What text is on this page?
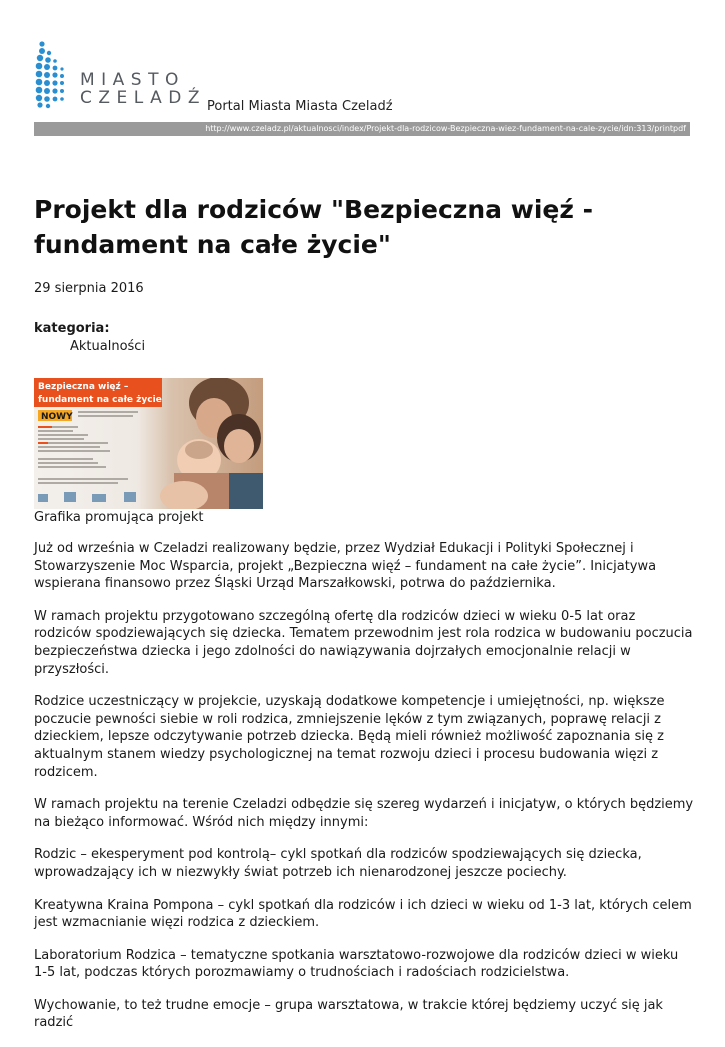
MIASTO
CZELADŹ Portal Miasta Miasta Czeladź
http://www.czeladz.pl/aktualnosci/index/Projekt-dla-rodzicow-Bezpieczna-wiez-fundament-na-cale-zycie/idn:313/printpdf
Projekt dla rodziców "Bezpieczna więź - fundament na całe życie"
29 sierpnia 2016
kategoria:
Aktualności
Bezpieczna więź –
fundament na całe życie
NOWY
Grafika promująca projekt

Już od września w Czeladzi realizowany będzie, przez Wydział Edukacji i Polityki Społecznej i Stowarzyszenie Moc Wsparcia, projekt „Bezpieczna więź – fundament na całe życie”. Inicjatywa wspierana finansowo przez Śląski Urząd Marszałkowski, potrwa do października.

W ramach projektu przygotowano szczególną ofertę dla rodziców dzieci w wieku 0-5 lat oraz rodziców spodziewających się dziecka. Tematem przewodnim jest rola rodzica w budowaniu poczucia bezpieczeństwa dziecka i jego zdolności do nawiązywania dojrzałych emocjonalnie relacji w przyszłości.

Rodzice uczestniczący w projekcie, uzyskają dodatkowe kompetencje i umiejętności, np. większe poczucie pewności siebie w roli rodzica, zmniejszenie lęków z tym związanych, poprawę relacji z dzieckiem, lepsze odczytywanie potrzeb dziecka. Będą mieli również możliwość zapoznania się z aktualnym stanem wiedzy psychologicznej na temat rozwoju dzieci i procesu budowania więzi z rodzicem.

W ramach projektu na terenie Czeladzi odbędzie się szereg wydarzeń i inicjatyw, o których będziemy na bieżąco informować. Wśród nich między innymi:

Rodzic – ekesperyment pod kontrolą– cykl spotkań dla rodziców spodziewających się dziecka, wprowadzający ich w niezwykły świat potrzeb ich nienarodzonej jeszcze pociechy.

Kreatywna Kraina Pompona – cykl spotkań dla rodziców i ich dzieci w wieku od 1-3 lat, których celem jest wzmacnianie więzi rodzica z dzieckiem.

Laboratorium Rodzica – tematyczne spotkania warsztatowo-rozwojowe dla rodziców dzieci w wieku 1-5 lat, podczas których porozmawiamy o trudnościach i radościach rodzicielstwa.

Wychowanie, to też trudne emocje – grupa warsztatowa, w trakcie której będziemy uczyć się jak radzić
